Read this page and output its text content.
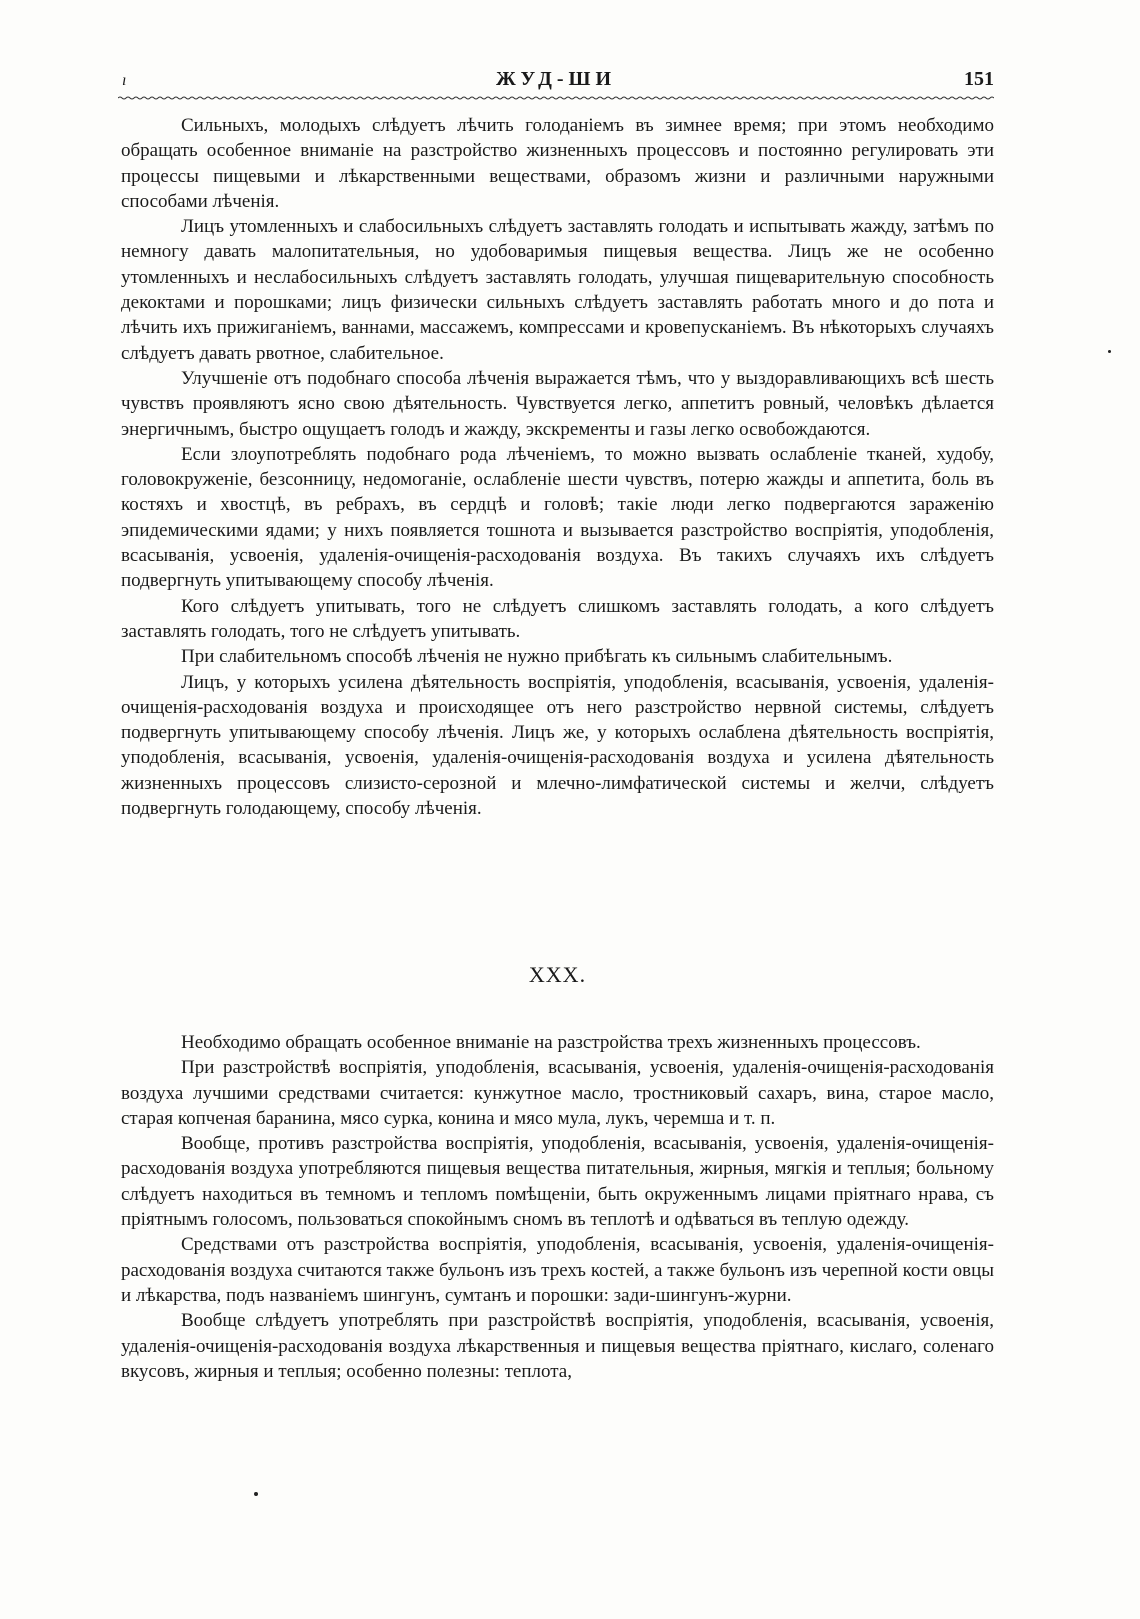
ı	ЖУД-ШИ	151

Сильныхъ, молодыхъ слѣдуетъ лѣчить голоданіемъ въ зимнее время; при этомъ необходимо обращать особенное вниманіе на разстройство жизненныхъ процессовъ и постоянно регулировать эти процессы пищевыми и лѣкарственными веществами, образомъ жизни и различными наружными способами лѣченія.

Лицъ утомленныхъ и слабосильныхъ слѣдуетъ заставлять голодать и испытывать жажду, затѣмъ по немногу давать малопитательныя, но удобоваримыя пищевыя вещества. Лицъ же не особенно утомленныхъ и неслабосильныхъ слѣдуетъ заставлять голодать, улучшая пищеварительную способность декоктами и порошками; лицъ физически сильныхъ слѣдуетъ заставлять работать много и до пота и лѣчить ихъ прижиганіемъ, ваннами, массажемъ, компрессами и кровепусканіемъ. Въ нѣкоторыхъ случаяхъ слѣдуетъ давать рвотное, слабительное.

Улучшеніе отъ подобнаго способа лѣченія выражается тѣмъ, что у выздоравливающихъ всѣ шесть чувствъ проявляютъ ясно свою дѣятельность. Чувствуется легко, аппетитъ ровный, человѣкъ дѣлается энергичнымъ, быстро ощущаетъ голодъ и жажду, экскременты и газы легко освобождаются.

Если злоупотреблять подобнаго рода лѣченіемъ, то можно вызвать ослабленіе тканей, худобу, головокруженіе, безсонницу, недомоганіе, ослабленіе шести чувствъ, потерю жажды и аппетита, боль въ костяхъ и хвостцѣ, въ ребрахъ, въ сердцѣ и головѣ; такіе люди легко подвергаются зараженію эпидемическими ядами; у нихъ появляется тошнота и вызывается разстройство воспріятія, уподобленія, всасыванія, усвоенія, удаленія-очищенія-расходованія воздуха. Въ такихъ случаяхъ ихъ слѣдуетъ подвергнуть упитывающему способу лѣченія.

Кого слѣдуетъ упитывать, того не слѣдуетъ слишкомъ заставлять голодать, а кого слѣдуетъ заставлять голодать, того не слѣдуетъ упитывать.

При слабительномъ способѣ лѣченія не нужно прибѣгать къ сильнымъ слабительнымъ.

Лицъ, у которыхъ усилена дѣятельность воспріятія, уподобленія, всасыванія, усвоенія, удаленія-очищенія-расходованія воздуха и происходящее отъ него разстройство нервной системы, слѣдуетъ подвергнуть упитывающему способу лѣченія. Лицъ же, у которыхъ ослаблена дѣятельность воспріятія, уподобленія, всасыванія, усвоенія, удаленія-очищенія-расходованія воздуха и усилена дѣятельность жизненныхъ процессовъ слизисто-серозной и млечно-лимфатической системы и желчи, слѣдуетъ подвергнуть голодающему, способу лѣченія.

XXX.

Необходимо обращать особенное вниманіе на разстройства трехъ жизненныхъ процессовъ.

При разстройствѣ воспріятія, уподобленія, всасыванія, усвоенія, удаленія-очищенія-расходованія воздуха лучшими средствами считается: кунжутное масло, тростниковый сахаръ, вина, старое масло, старая копченая баранина, мясо сурка, конина и мясо мула, лукъ, черемша и т. п.

Вообще, противъ разстройства воспріятія, уподобленія, всасыванія, усвоенія, удаленія-очищенія-расходованія воздуха употребляются пищевыя вещества питательныя, жирныя, мягкія и теплыя; больному слѣдуетъ находиться въ темномъ и тепломъ помѣщеніи, быть окруженнымъ лицами пріятнаго нрава, съ пріятнымъ голосомъ, пользоваться спокойнымъ сномъ въ теплотѣ и одѣваться въ теплую одежду.

Средствами отъ разстройства воспріятія, уподобленія, всасыванія, усвоенія, удаленія-очищенія-расходованія воздуха считаются также бульонъ изъ трехъ костей, а также бульонъ изъ черепной кости овцы и лѣкарства, подъ названіемъ шингунъ, сумтанъ и порошки: зади-шингунъ-журни.

Вообще слѣдуетъ употреблять при разстройствѣ воспріятія, уподобленія, всасыванія, усвоенія, удаленія-очищенія-расходованія воздуха лѣкарственныя и пищевыя вещества пріятнаго, кислаго, соленаго вкусовъ, жирныя и теплыя; особенно полезны: теплота,
